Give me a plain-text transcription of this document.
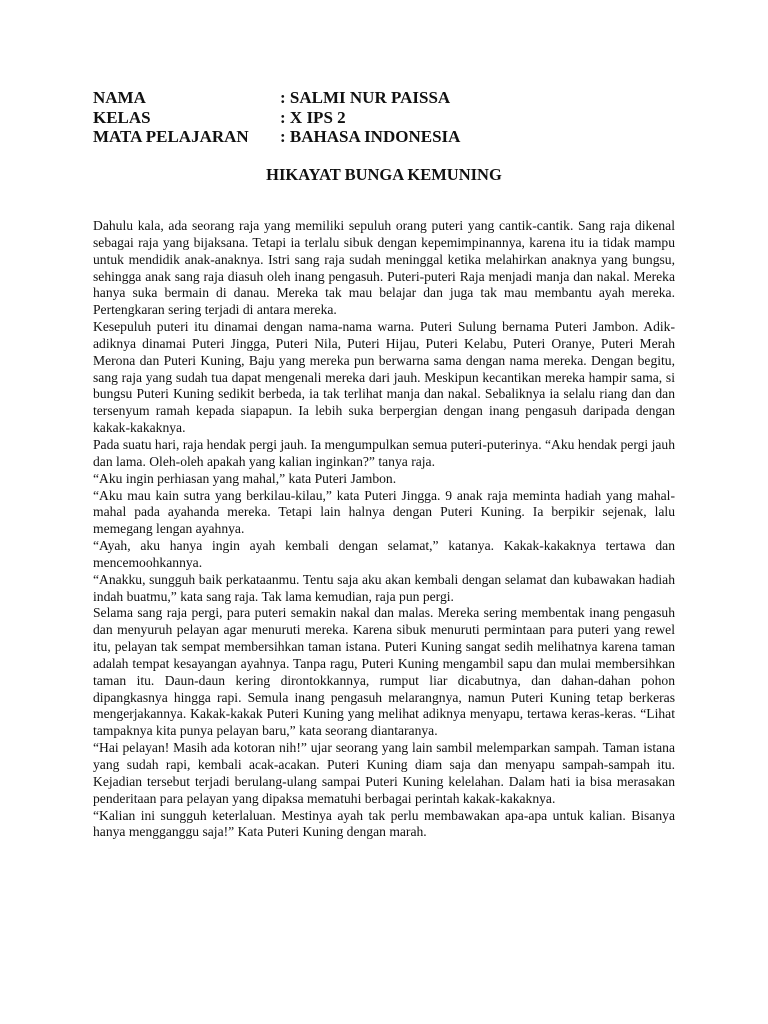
NAMA	: SALMI NUR PAISSA
KELAS	: X IPS 2
MATA PELAJARAN	: BAHASA INDONESIA
HIKAYAT BUNGA KEMUNING

Dahulu kala, ada seorang raja yang memiliki sepuluh orang puteri yang cantik-cantik. Sang raja dikenal sebagai raja yang bijaksana. Tetapi ia terlalu sibuk dengan kepemimpinannya, karena itu ia tidak mampu untuk mendidik anak-anaknya. Istri sang raja sudah meninggal ketika melahirkan anaknya yang bungsu, sehingga anak sang raja diasuh oleh inang pengasuh. Puteri-puteri Raja menjadi manja dan nakal. Mereka hanya suka bermain di danau. Mereka tak mau belajar dan juga tak mau membantu ayah mereka. Pertengkaran sering terjadi di antara mereka.

Kesepuluh puteri itu dinamai dengan nama-nama warna. Puteri Sulung bernama Puteri Jambon. Adik-adiknya dinamai Puteri Jingga, Puteri Nila, Puteri Hijau, Puteri Kelabu, Puteri Oranye, Puteri Merah Merona dan Puteri Kuning, Baju yang mereka pun berwarna sama dengan nama mereka. Dengan begitu, sang raja yang sudah tua dapat mengenali mereka dari jauh. Meskipun kecantikan mereka hampir sama, si bungsu Puteri Kuning sedikit berbeda, ia tak terlihat manja dan nakal. Sebaliknya ia selalu riang dan dan tersenyum ramah kepada siapapun. Ia lebih suka berpergian dengan inang pengasuh daripada dengan kakak-kakaknya.

Pada suatu hari, raja hendak pergi jauh. Ia mengumpulkan semua puteri-puterinya. “Aku hendak pergi jauh dan lama. Oleh-oleh apakah yang kalian inginkan?” tanya raja.

“Aku ingin perhiasan yang mahal,” kata Puteri Jambon.

“Aku mau kain sutra yang berkilau-kilau,” kata Puteri Jingga. 9 anak raja meminta hadiah yang mahal-mahal pada ayahanda mereka. Tetapi lain halnya dengan Puteri Kuning. Ia berpikir sejenak, lalu memegang lengan ayahnya.

“Ayah, aku hanya ingin ayah kembali dengan selamat,” katanya. Kakak-kakaknya tertawa dan mencemoohkannya.

“Anakku, sungguh baik perkataanmu. Tentu saja aku akan kembali dengan selamat dan kubawakan hadiah indah buatmu,” kata sang raja. Tak lama kemudian, raja pun pergi.

Selama sang raja pergi, para puteri semakin nakal dan malas. Mereka sering membentak inang pengasuh dan menyuruh pelayan agar menuruti mereka. Karena sibuk menuruti permintaan para puteri yang rewel itu, pelayan tak sempat membersihkan taman istana. Puteri Kuning sangat sedih melihatnya karena taman adalah tempat kesayangan ayahnya. Tanpa ragu, Puteri Kuning mengambil sapu dan mulai membersihkan taman itu. Daun-daun kering dirontokkannya, rumput liar dicabutnya, dan dahan-dahan pohon dipangkasnya hingga rapi. Semula inang pengasuh melarangnya, namun Puteri Kuning tetap berkeras mengerjakannya. Kakak-kakak Puteri Kuning yang melihat adiknya menyapu, tertawa keras-keras. “Lihat tampaknya kita punya pelayan baru,” kata seorang diantaranya.

“Hai pelayan! Masih ada kotoran nih!” ujar seorang yang lain sambil melemparkan sampah. Taman istana yang sudah rapi, kembali acak-acakan. Puteri Kuning diam saja dan menyapu sampah-sampah itu. Kejadian tersebut terjadi berulang-ulang sampai Puteri Kuning kelelahan. Dalam hati ia bisa merasakan penderitaan para pelayan yang dipaksa mematuhi berbagai perintah kakak-kakaknya.

“Kalian ini sungguh keterlaluan. Mestinya ayah tak perlu membawakan apa-apa untuk kalian. Bisanya hanya mengganggu saja!” Kata Puteri Kuning dengan marah.
